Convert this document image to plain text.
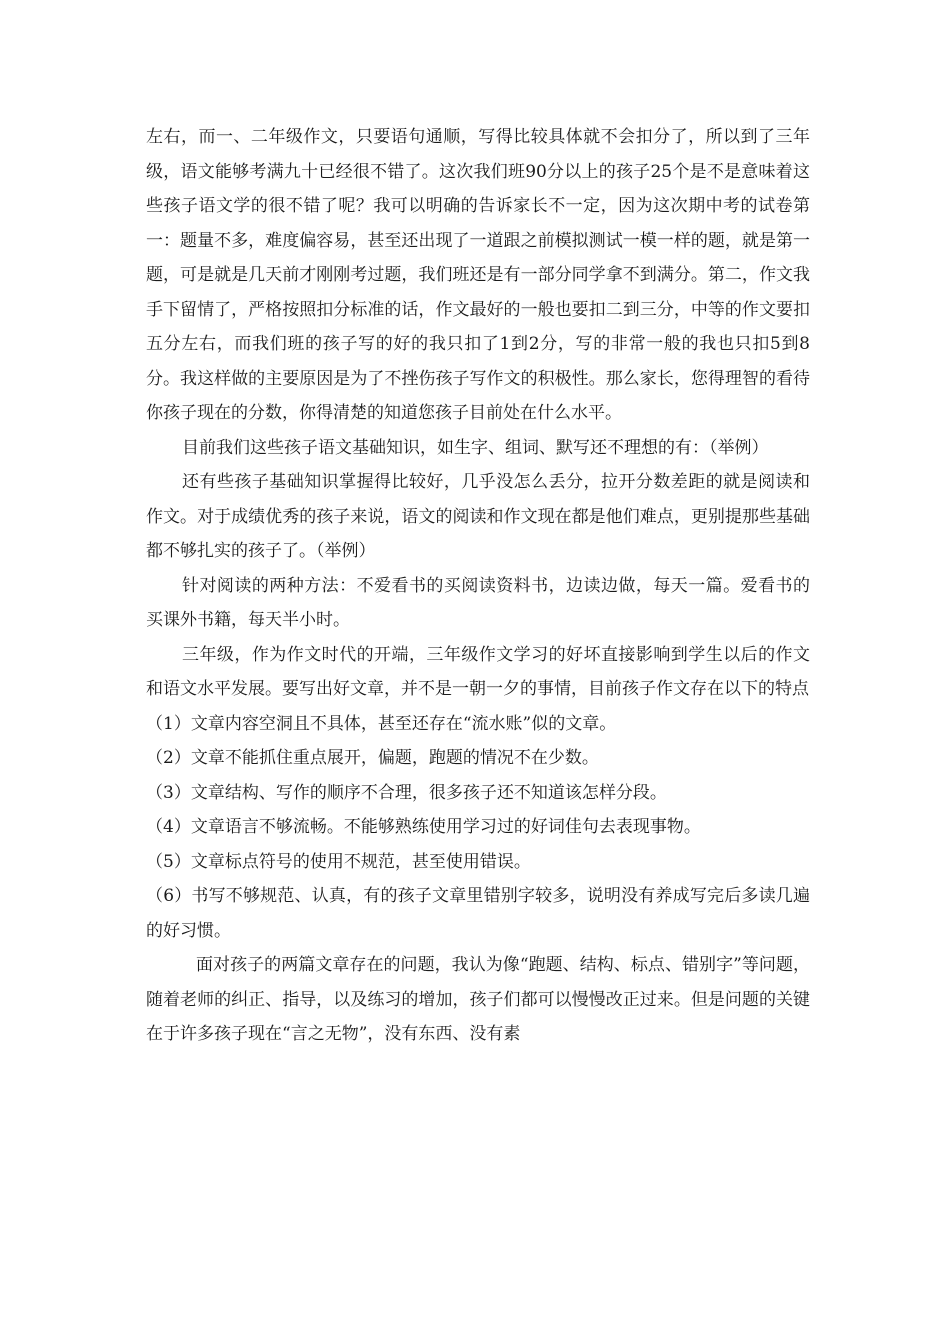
左右，而一、二年级作文，只要语句通顺，写得比较具体就不会扣分了，所以到了三年级，语文能够考满九十已经很不错了。这次我们班90分以上的孩子25个是不是意味着这些孩子语文学的很不错了呢？我可以明确的告诉家长不一定，因为这次期中考的试卷第一：题量不多，难度偏容易，甚至还出现了一道跟之前模拟测试一模一样的题，就是第一题，可是就是几天前才刚刚考过题，我们班还是有一部分同学拿不到满分。第二，作文我手下留情了，严格按照扣分标准的话，作文最好的一般也要扣二到三分，中等的作文要扣五分左右，而我们班的孩子写的好的我只扣了1到2分，写的非常一般的我也只扣5到8分。我这样做的主要原因是为了不挫伤孩子写作文的积极性。那么家长，您得理智的看待你孩子现在的分数，你得清楚的知道您孩子目前处在什么水平。

目前我们这些孩子语文基础知识，如生字、组词、默写还不理想的有：（举例）

还有些孩子基础知识掌握得比较好，几乎没怎么丢分，拉开分数差距的就是阅读和作文。对于成绩优秀的孩子来说，语文的阅读和作文现在都是他们难点，更别提那些基础都不够扎实的孩子了。（举例）

针对阅读的两种方法：不爱看书的买阅读资料书，边读边做，每天一篇。爱看书的买课外书籍，每天半小时。

三年级，作为作文时代的开端，三年级作文学习的好坏直接影响到学生以后的作文和语文水平发展。要写出好文章，并不是一朝一夕的事情，目前孩子作文存在以下的特点

（1）文章内容空洞且不具体，甚至还存在“流水账”似的文章。

（2）文章不能抓住重点展开，偏题，跑题的情况不在少数。

（3）文章结构、写作的顺序不合理，很多孩子还不知道该怎样分段。

（4）文章语言不够流畅。不能够熟练使用学习过的好词佳句去表现事物。

（5）文章标点符号的使用不规范，甚至使用错误。

（6）书写不够规范、认真，有的孩子文章里错别字较多，说明没有养成写完后多读几遍的好习惯。

面对孩子的两篇文章存在的问题，我认为像“跑题、结构、标点、错别字”等问题，随着老师的纠正、指导，以及练习的增加，孩子们都可以慢慢改正过来。但是问题的关键在于许多孩子现在“言之无物”，没有东西、没有素
